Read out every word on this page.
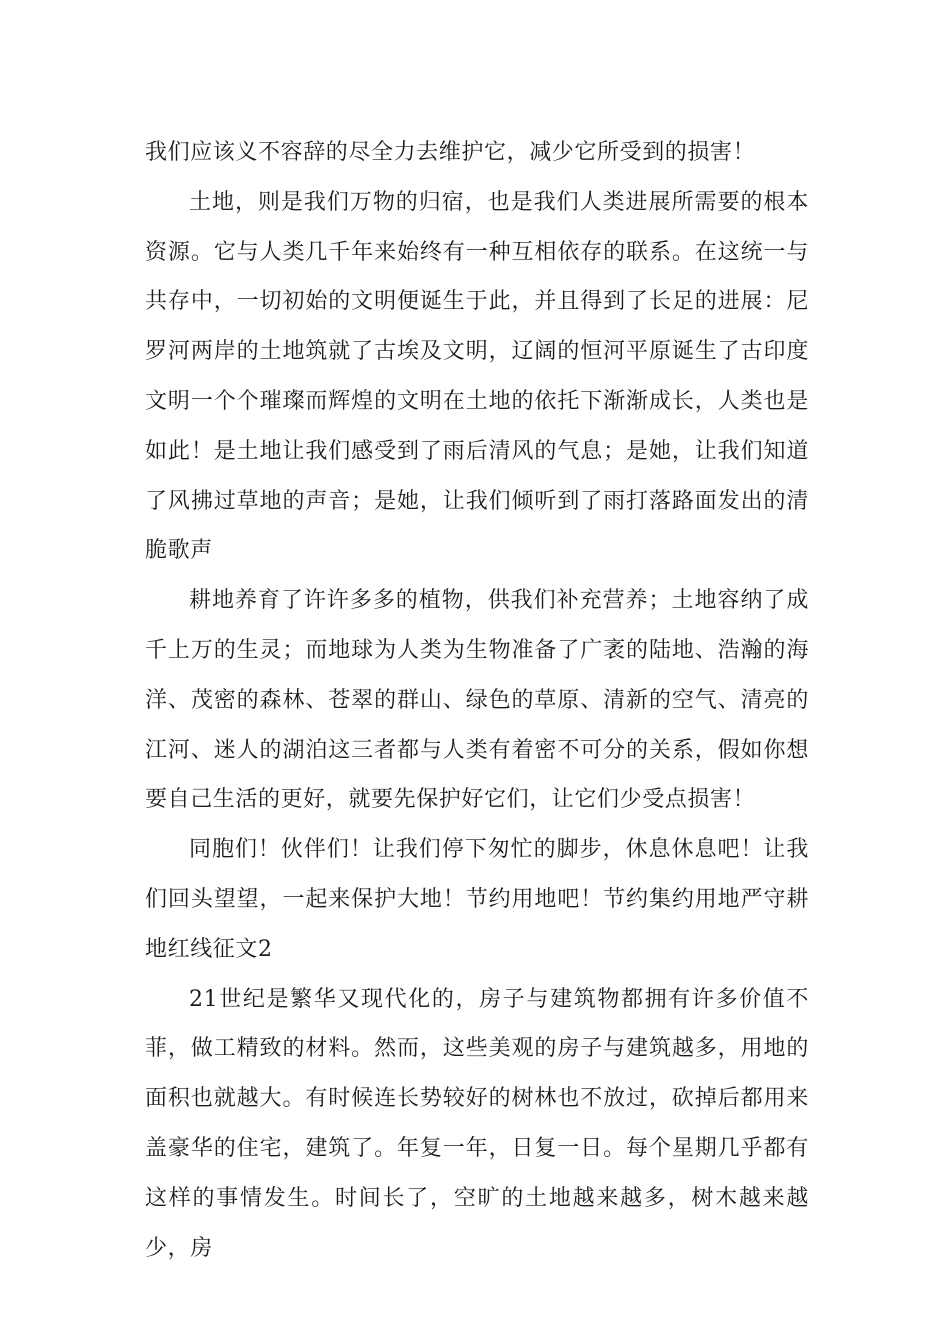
我们应该义不容辞的尽全力去维护它，减少它所受到的损害！

土地，则是我们万物的归宿，也是我们人类进展所需要的根本资源。它与人类几千年来始终有一种互相依存的联系。在这统一与共存中，一切初始的文明便诞生于此，并且得到了长足的进展：尼罗河两岸的土地筑就了古埃及文明，辽阔的恒河平原诞生了古印度文明一个个璀璨而辉煌的文明在土地的依托下渐渐成长，人类也是如此！是土地让我们感受到了雨后清风的气息；是她，让我们知道了风拂过草地的声音；是她，让我们倾听到了雨打落路面发出的清脆歌声

耕地养育了许许多多的植物，供我们补充营养；土地容纳了成千上万的生灵；而地球为人类为生物准备了广袤的陆地、浩瀚的海洋、茂密的森林、苍翠的群山、绿色的草原、清新的空气、清亮的江河、迷人的湖泊这三者都与人类有着密不可分的关系，假如你想要自己生活的更好，就要先保护好它们，让它们少受点损害！

同胞们！伙伴们！让我们停下匆忙的脚步，休息休息吧！让我们回头望望，一起来保护大地！节约用地吧！节约集约用地严守耕地红线征文2

21世纪是繁华又现代化的，房子与建筑物都拥有许多价值不菲，做工精致的材料。然而，这些美观的房子与建筑越多，用地的面积也就越大。有时候连长势较好的树林也不放过，砍掉后都用来盖豪华的住宅，建筑了。年复一年，日复一日。每个星期几乎都有这样的事情发生。时间长了，空旷的土地越来越多，树木越来越少，房
